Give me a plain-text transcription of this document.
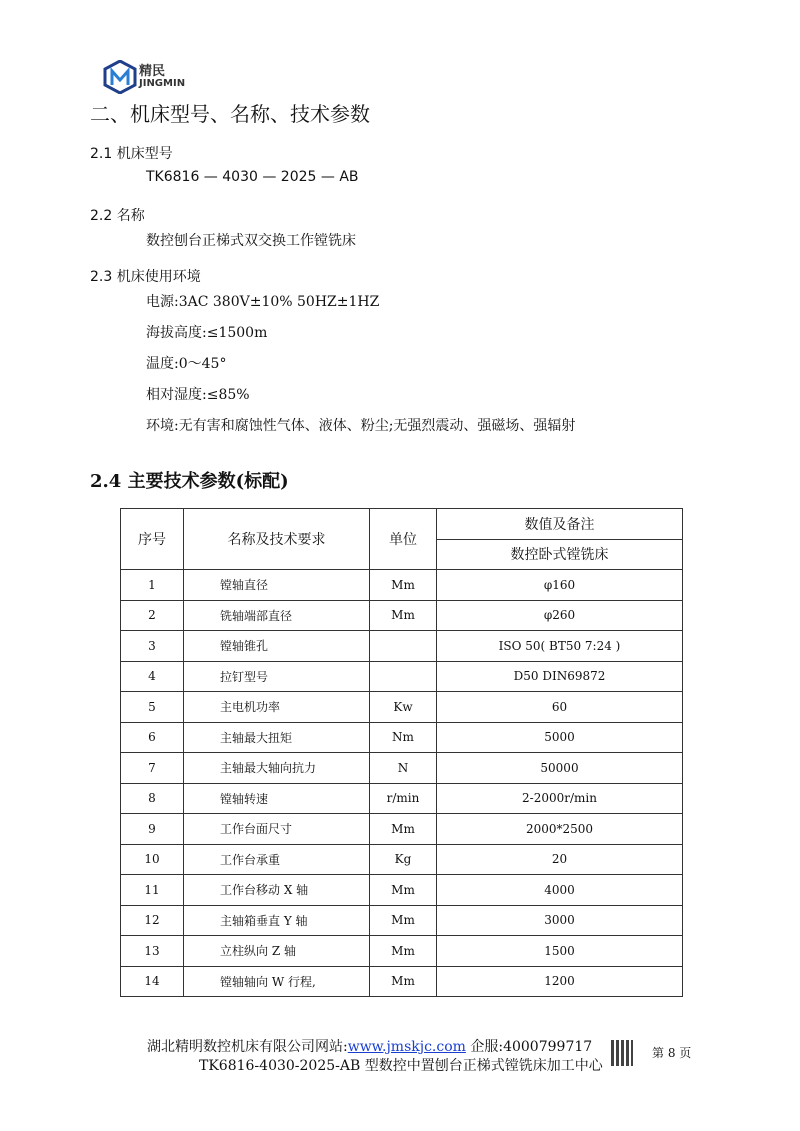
精民
JINGMIN
二、机床型号、名称、技术参数
2.1 机床型号
TK6816 — 4030 — 2025 — AB
2.2 名称
数控刨台正梯式双交换工作镗铣床
2.3 机床使用环境
电源:3AC 380V±10% 50HZ±1HZ
海拔高度:≤1500m
温度:0～45°
相对湿度:≤85%
环境:无有害和腐蚀性气体、液体、粉尘;无强烈震动、强磁场、强辐射
2.4 主要技术参数(标配)
序号	名称及技术要求	单位	数值及备注
			数控卧式镗铣床
1	镗轴直径	Mm	φ160
2	铣轴端部直径	Mm	φ260
3	镗轴锥孔		ISO 50( BT50 7:24 )
4	拉钉型号		D50 DIN69872
5	主电机功率	Kw	60
6	主轴最大扭矩	Nm	5000
7	主轴最大轴向抗力	N	50000
8	镗轴转速	r/min	2-2000r/min
9	工作台面尺寸	Mm	2000*2500
10	工作台承重	Kg	20
11	工作台移动 X 轴	Mm	4000
12	主轴箱垂直 Y 轴	Mm	3000
13	立柱纵向 Z 轴	Mm	1500
14	镗轴轴向 W 行程,	Mm	1200
湖北精明数控机床有限公司网站:www.jmskjc.com 企服:4000799717
TK6816-4030-2025-AB 型数控中置刨台正梯式镗铣床加工中心
第 8 页
